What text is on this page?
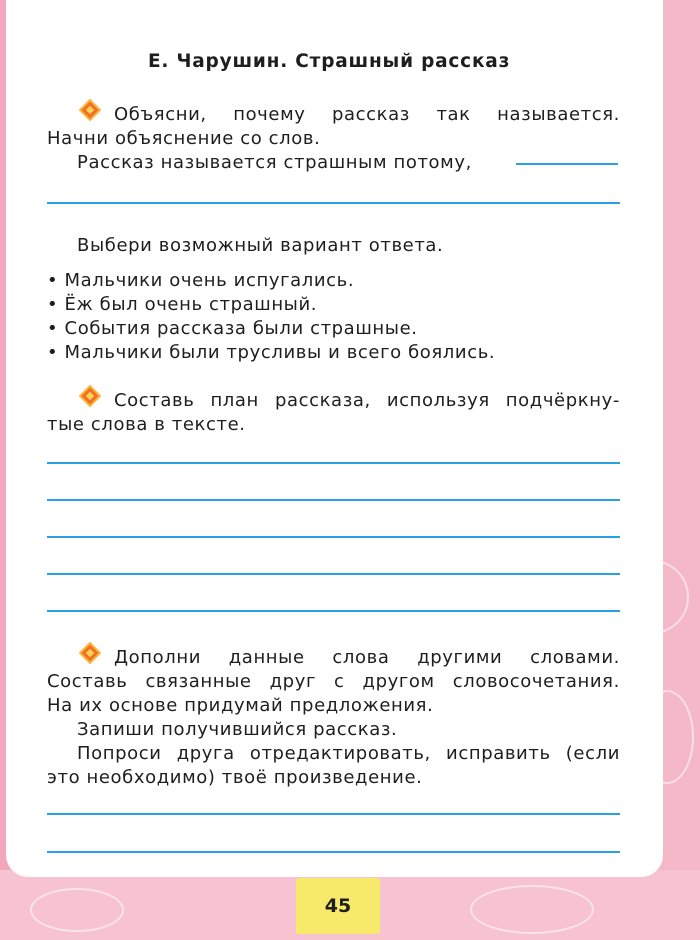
Е. Чарушин. Страшный рассказ
Объясни, почему рассказ так называется.
Начни объяснение со слов.
Рассказ называется страшным потому,
Выбери возможный вариант ответа.
• Мальчики очень испугались.
• Ёж был очень страшный.
• События рассказа были страшные.
• Мальчики были трусливы и всего боялись.
Составь план рассказа, используя подчёркну-
тые слова в тексте.
Дополни данные слова другими словами.
Составь связанные друг с другом словосочетания.
На их основе придумай предложения.
Запиши получившийся рассказ.
Попроси друга отредактировать, исправить (если
это необходимо) твоё произведение.
45
